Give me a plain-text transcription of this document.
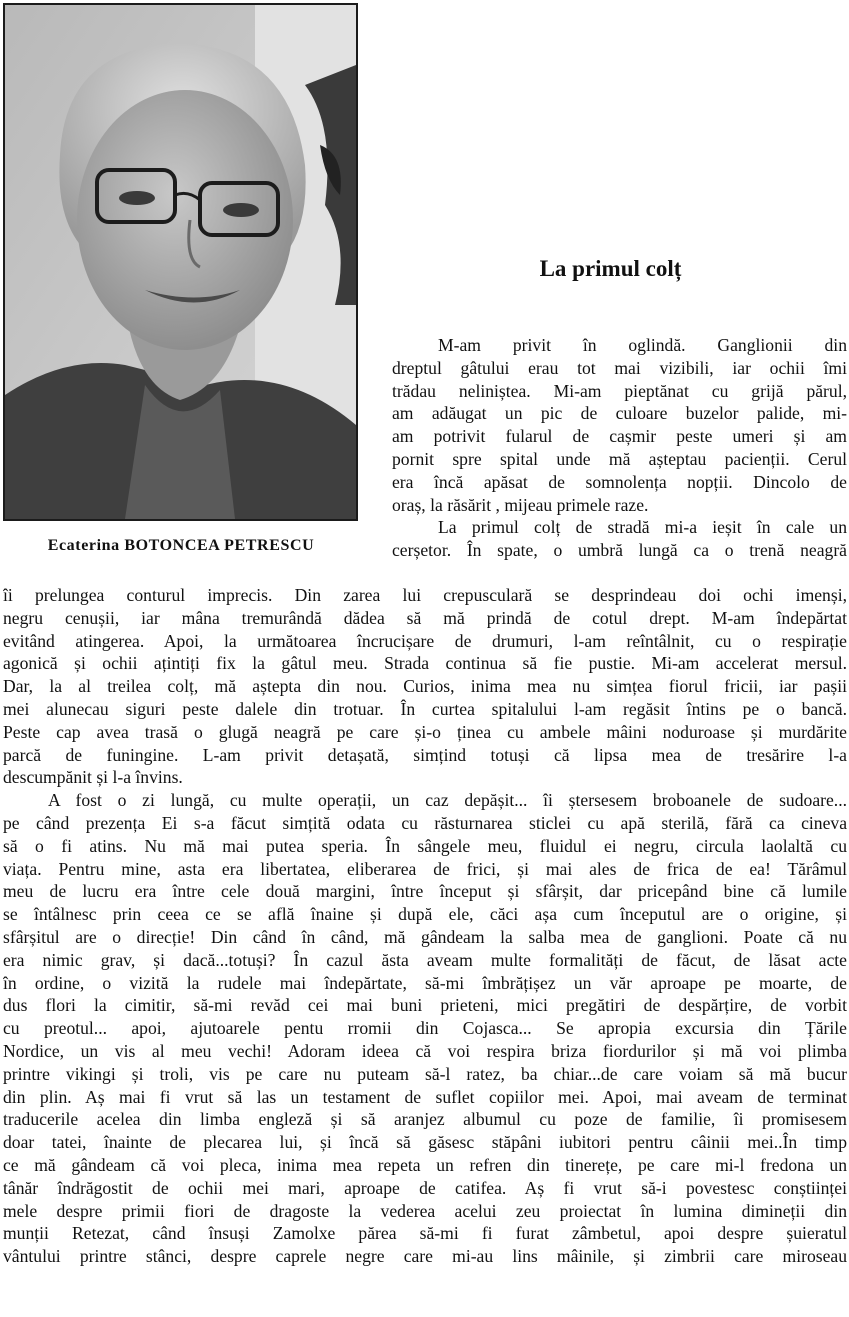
Ecaterina BOTONCEA PETRESCU
La primul colț
M-am privit în oglindă. Ganglionii din
dreptul gâtului erau tot mai vizibili, iar ochii îmi
trădau neliniștea. Mi-am pieptănat cu grijă părul,
am adăugat un pic de culoare buzelor palide, mi-
am potrivit fularul de cașmir peste umeri și am
pornit spre spital unde mă așteptau pacienții. Cerul
era încă apăsat de somnolența nopții. Dincolo de
oraș, la răsărit , mijeau primele raze.
La primul colț de stradă mi-a ieșit în cale un
cerșetor. În spate, o umbră lungă ca o trenă neagră
îi prelungea conturul imprecis. Din zarea lui crepusculară se desprindeau doi ochi imenși,
negru cenușii, iar mâna tremurândă dădea să mă prindă de cotul drept. M-am îndepărtat
evitând atingerea. Apoi, la următoarea încrucișare de drumuri, l-am reîntâlnit, cu o respirație
agonică și ochii ațintiți fix la gâtul meu. Strada continua să fie pustie. Mi-am accelerat mersul.
Dar, la al treilea colț, mă aștepta din nou. Curios, inima mea nu simțea fiorul fricii, iar pașii
mei alunecau siguri peste dalele din trotuar. În curtea spitalului l-am regăsit întins pe o bancă.
Peste cap avea trasă o glugă neagră pe care și-o ținea cu ambele mâini noduroase și murdărite
parcă de funingine. L-am privit detașată, simțind totuși că lipsa mea de tresărire l-a
descumpănit și l-a învins.
A fost o zi lungă, cu multe operații, un caz depășit... îi ștersesem broboanele de sudoare...
pe când prezența Ei s-a făcut simțită odata cu răsturnarea sticlei cu apă sterilă, fără ca cineva
să o fi atins. Nu mă mai putea speria. În sângele meu, fluidul ei negru, circula laolaltă cu
viața. Pentru mine, asta era libertatea, eliberarea de frici, și mai ales de frica de ea! Tărâmul
meu de lucru era între cele două margini, între început și sfârșit, dar pricepând bine că lumile
se întâlnesc prin ceea ce se află înaine și după ele, căci așa cum începutul are o origine, și
sfârșitul are o direcție! Din când în când, mă gândeam la salba mea de ganglioni. Poate că nu
era nimic grav, și dacă...totuși? În cazul ăsta aveam multe formalități de făcut, de lăsat acte
în ordine, o vizită la rudele mai îndepărtate, să-mi îmbrățișez un văr aproape pe moarte, de
dus flori la cimitir, să-mi revăd cei mai buni prieteni, mici pregătiri de despărțire, de vorbit
cu preotul... apoi, ajutoarele pentu rromii din Cojasca... Se apropia excursia din Țările
Nordice, un vis al meu vechi! Adoram ideea că voi respira briza fiordurilor și mă voi plimba
printre vikingi și troli, vis pe care nu puteam să-l ratez, ba chiar...de care voiam să mă bucur
din plin. Aș mai fi vrut să las un testament de suflet copiilor mei. Apoi, mai aveam de terminat
traducerile acelea din limba engleză și să aranjez albumul cu poze de familie, îi promisesem
doar tatei, înainte de plecarea lui, și încă să găsesc stăpâni iubitori pentru câinii mei..În timp
ce mă gândeam că voi pleca, inima mea repeta un refren din tinerețe, pe care mi-l fredona un
tânăr îndrăgostit de ochii mei mari, aproape de catifea. Aș fi vrut să-i povestesc conștiinței
mele despre primii fiori de dragoste la vederea acelui zeu proiectat în lumina dimineții din
munții Retezat, când însuși Zamolxe părea să-mi fi furat zâmbetul, apoi despre șuieratul
vântului printre stânci, despre caprele negre care mi-au lins mâinile, și zimbrii care miroseau
